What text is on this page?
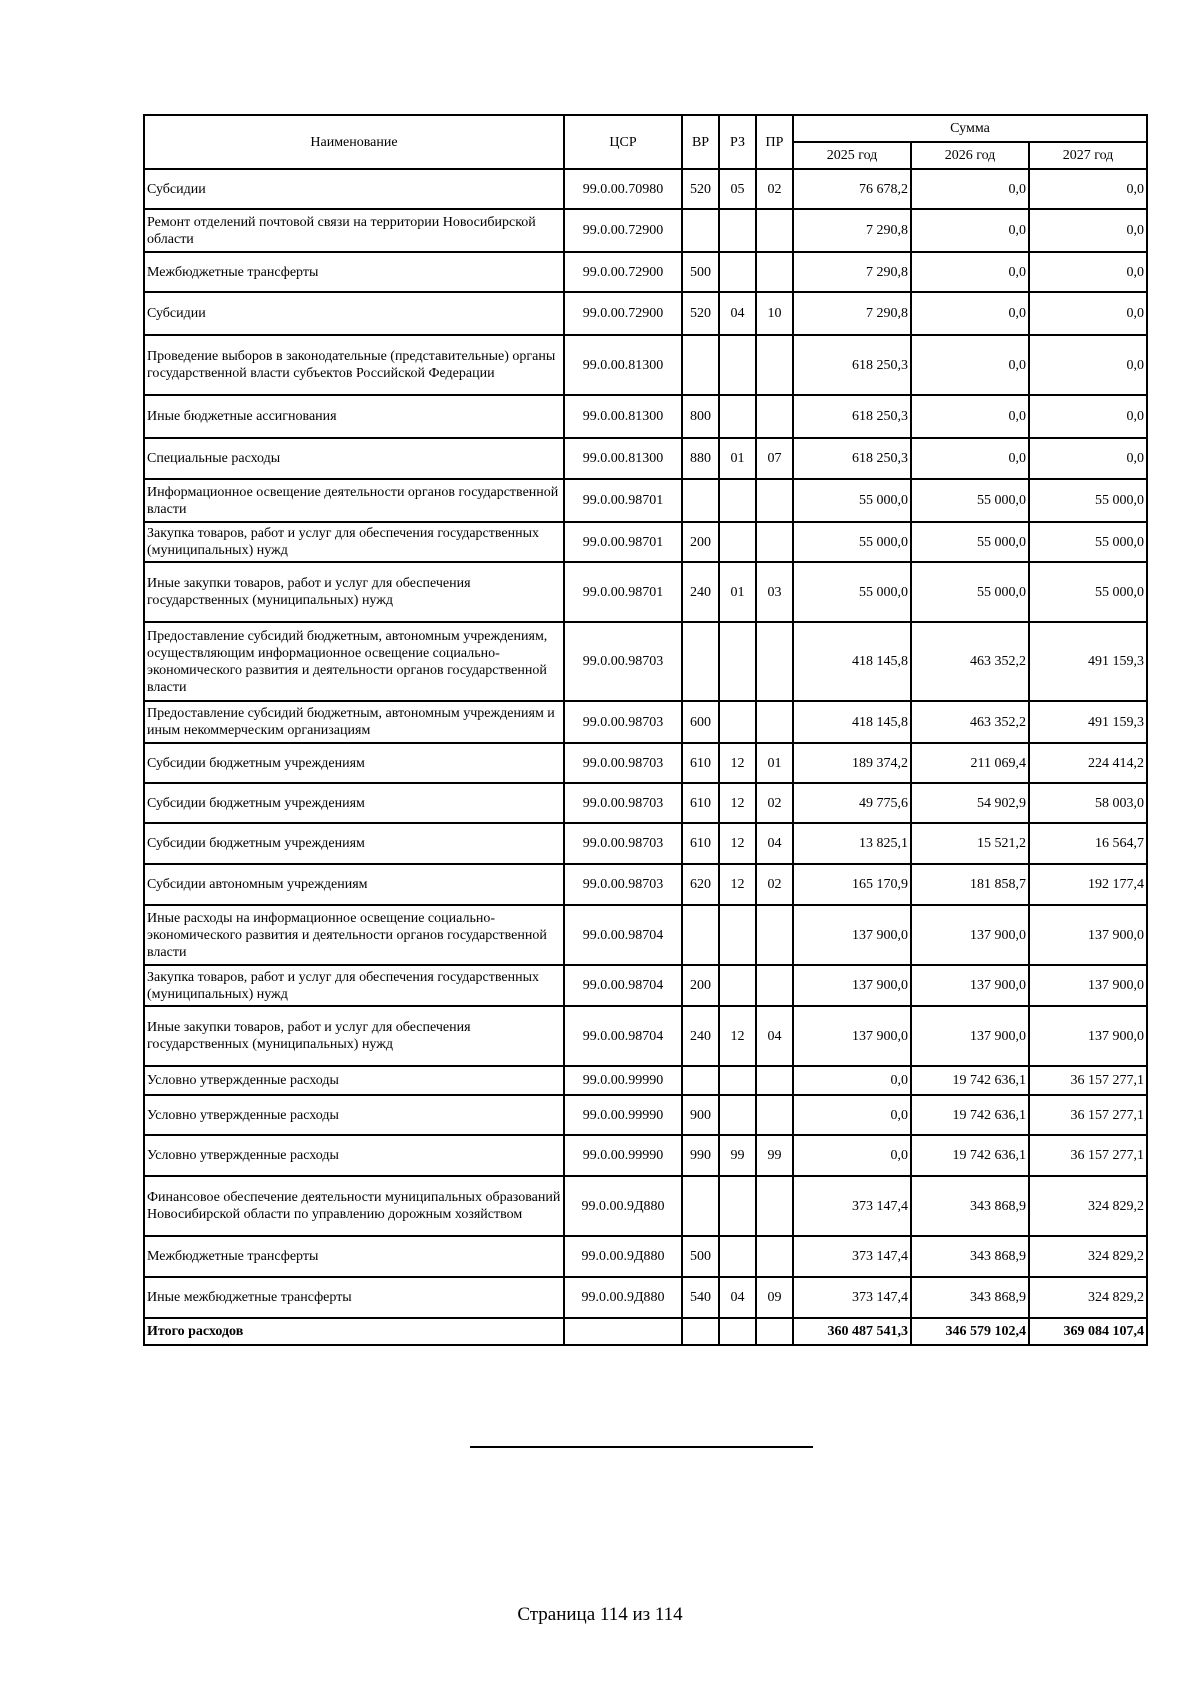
Наименование	ЦСР	ВР	РЗ	ПР	Сумма		
					2025 год	2026 год	2027 год
Субсидии	99.0.00.70980	520	05	02	76 678,2	0,0	0,0
Ремонт отделений почтовой связи на территории Новосибирской области	99.0.00.72900				7 290,8	0,0	0,0
Межбюджетные трансферты	99.0.00.72900	500			7 290,8	0,0	0,0
Субсидии	99.0.00.72900	520	04	10	7 290,8	0,0	0,0
Проведение выборов в законодательные (представительные) органы государственной власти субъектов Российской Федерации	99.0.00.81300				618 250,3	0,0	0,0
Иные бюджетные ассигнования	99.0.00.81300	800			618 250,3	0,0	0,0
Специальные расходы	99.0.00.81300	880	01	07	618 250,3	0,0	0,0
Информационное освещение деятельности органов государственной власти	99.0.00.98701				55 000,0	55 000,0	55 000,0
Закупка товаров, работ и услуг для обеспечения государственных (муниципальных) нужд	99.0.00.98701	200			55 000,0	55 000,0	55 000,0
Иные закупки товаров, работ и услуг для обеспечения государственных (муниципальных) нужд	99.0.00.98701	240	01	03	55 000,0	55 000,0	55 000,0
Предоставление субсидий бюджетным, автономным учреждениям, осуществляющим информационное освещение социально-экономического развития и деятельности органов государственной власти	99.0.00.98703				418 145,8	463 352,2	491 159,3
Предоставление субсидий бюджетным, автономным учреждениям и иным некоммерческим организациям	99.0.00.98703	600			418 145,8	463 352,2	491 159,3
Субсидии бюджетным учреждениям	99.0.00.98703	610	12	01	189 374,2	211 069,4	224 414,2
Субсидии бюджетным учреждениям	99.0.00.98703	610	12	02	49 775,6	54 902,9	58 003,0
Субсидии бюджетным учреждениям	99.0.00.98703	610	12	04	13 825,1	15 521,2	16 564,7
Субсидии автономным учреждениям	99.0.00.98703	620	12	02	165 170,9	181 858,7	192 177,4
Иные расходы на информационное освещение социально-экономического развития и деятельности органов государственной власти	99.0.00.98704				137 900,0	137 900,0	137 900,0
Закупка товаров, работ и услуг для обеспечения государственных (муниципальных) нужд	99.0.00.98704	200			137 900,0	137 900,0	137 900,0
Иные закупки товаров, работ и услуг для обеспечения государственных (муниципальных) нужд	99.0.00.98704	240	12	04	137 900,0	137 900,0	137 900,0
Условно утвержденные расходы	99.0.00.99990				0,0	19 742 636,1	36 157 277,1
Условно утвержденные расходы	99.0.00.99990	900			0,0	19 742 636,1	36 157 277,1
Условно утвержденные расходы	99.0.00.99990	990	99	99	0,0	19 742 636,1	36 157 277,1
Финансовое обеспечение деятельности муниципальных образований Новосибирской области по управлению дорожным хозяйством	99.0.00.9Д880				373 147,4	343 868,9	324 829,2
Межбюджетные трансферты	99.0.00.9Д880	500			373 147,4	343 868,9	324 829,2
Иные межбюджетные трансферты	99.0.00.9Д880	540	04	09	373 147,4	343 868,9	324 829,2
Итого расходов					360 487 541,3	346 579 102,4	369 084 107,4
Страница 114 из 114
